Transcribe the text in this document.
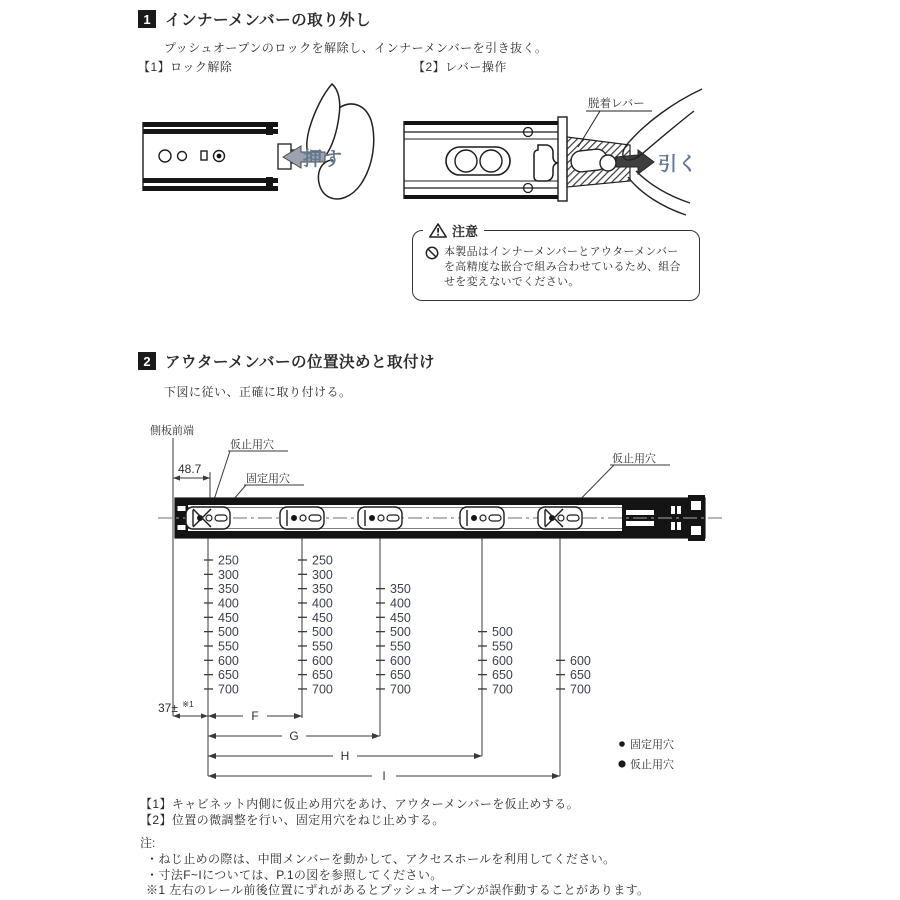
1 インナーメンバーの取り外し
プッシュオープンのロックを解除し、インナーメンバーを引き抜く。
【1】ロック解除	【2】レバー操作
押す
脱着レバー
引く
注意
本製品はインナーメンバーとアウターメンバーを高精度な嵌合で組み合わせているため、組合せを変えないでください。
2 アウターメンバーの位置決めと取付け
下図に従い、正確に取り付ける。
側板前端
48.7
仮止用穴
固定用穴
仮止用穴
250
300
350
400
450
500
550
600
650
700
250
300
350
400
450
500
550
600
650
700
350
400
450
500
550
600
650
700
500
550
600
650
700
600
650
700
37± ※1
F
G
H
I
固定用穴
仮止用穴
【1】キャビネット内側に仮止め用穴をあけ、アウターメンバーを仮止めする。
【2】位置の微調整を行い、固定用穴をねじ止めする。
注:
・ねじ止めの際は、中間メンバーを動かして、アクセスホールを利用してください。
・寸法F~Iについては、P.1の図を参照してください。
※1 左右のレール前後位置にずれがあるとプッシュオープンが誤作動することがあります。
